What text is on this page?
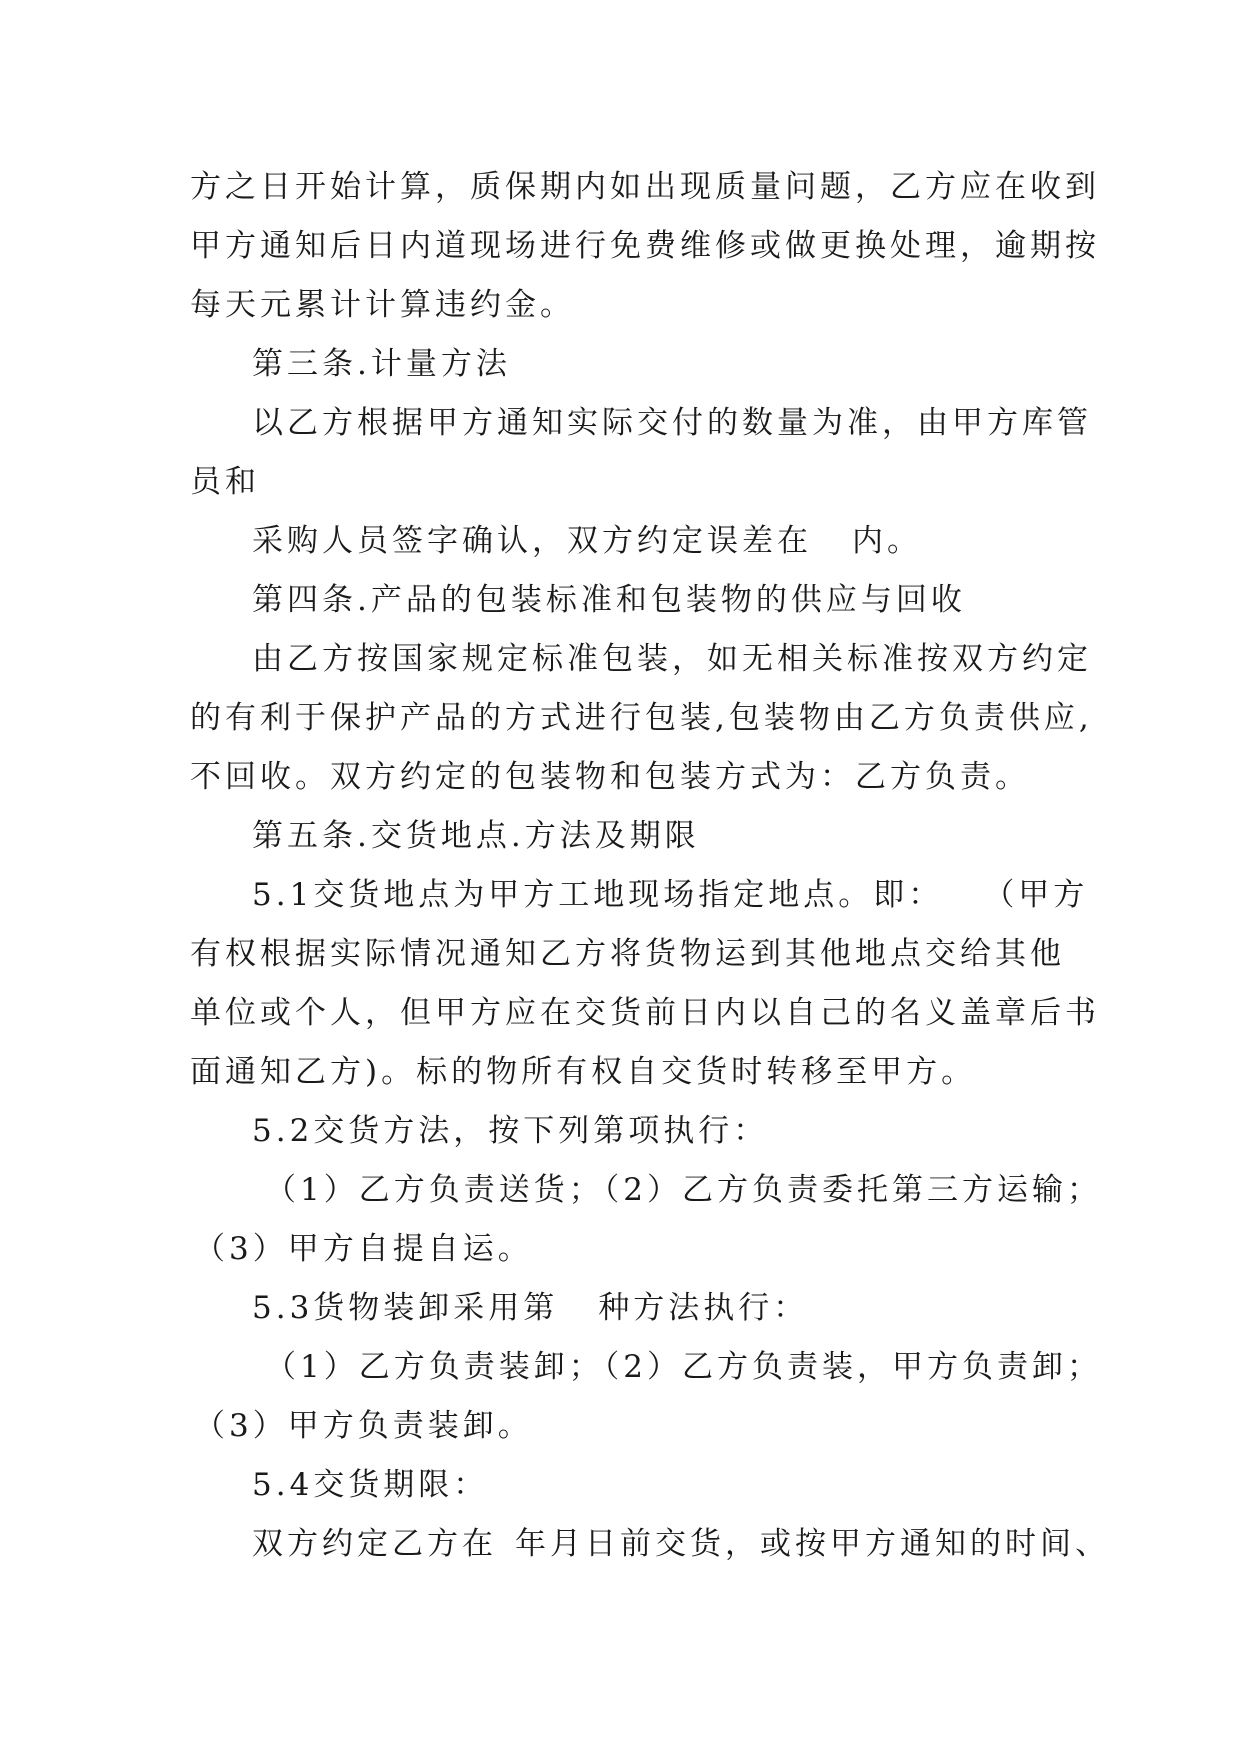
方之日开始计算，质保期内如出现质量问题，乙方应在收到
甲方通知后日内道现场进行免费维修或做更换处理，逾期按
每天元累计计算违约金。
第三条.计量方法
以乙方根据甲方通知实际交付的数量为准，由甲方库管
员和
采购人员签字确认，双方约定误差在 内。
第四条.产品的包装标准和包装物的供应与回收
由乙方按国家规定标准包装，如无相关标准按双方约定
的有利于保护产品的方式进行包装,包装物由乙方负责供应,
不回收。双方约定的包装物和包装方式为：乙方负责。
第五条.交货地点.方法及期限
5.1交货地点为甲方工地现场指定地点。即： （甲方
有权根据实际情况通知乙方将货物运到其他地点交给其他
单位或个人，但甲方应在交货前日内以自己的名义盖章后书
面通知乙方)。标的物所有权自交货时转移至甲方。
5.2交货方法，按下列第项执行：
（1）乙方负责送货；（2）乙方负责委托第三方运输；
（3）甲方自提自运。
5.3货物装卸采用第 种方法执行：
（1）乙方负责装卸；（2）乙方负责装，甲方负责卸；
（3）甲方负责装卸。
5.4交货期限：
双方约定乙方在 年月日前交货，或按甲方通知的时间、
